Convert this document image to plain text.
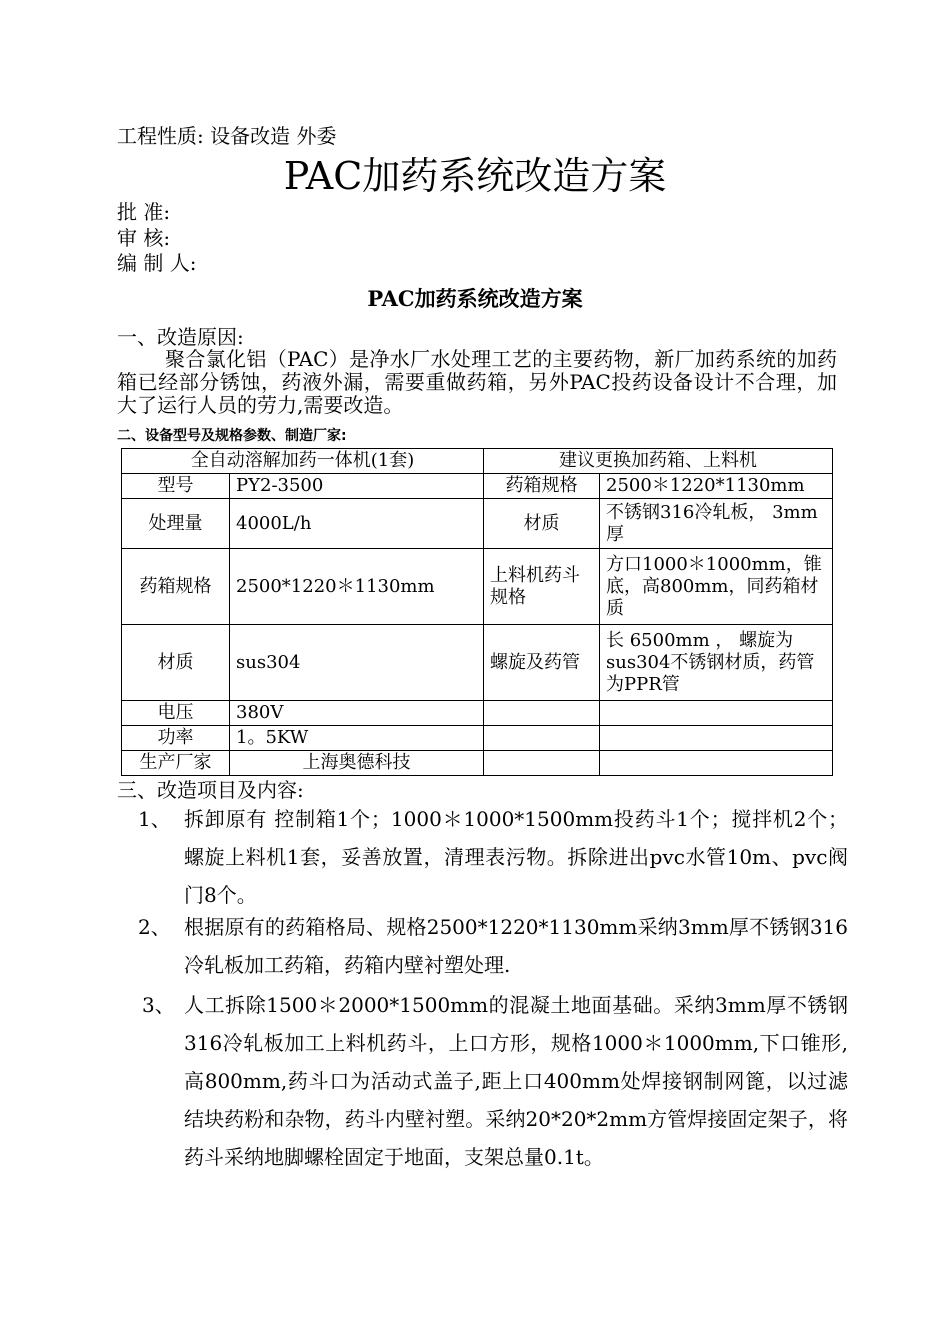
工程性质: 设备改造 外委
PAC加药系统改造方案
批 准:
审 核:
编 制 人:
PAC加药系统改造方案
一、改造原因:
聚合氯化铝（PAC）是净水厂水处理工艺的主要药物，新厂加药系统的加药箱已经部分锈蚀，药液外漏，需要重做药箱，另外PAC投药设备设计不合理，加大了运行人员的劳力,需要改造。
二、设备型号及规格参数、制造厂家:
全自动溶解加药一体机(1套)		建议更换加药箱、上料机	
型号	PY2-3500	药箱规格	2500＊1220*1130mm
处理量	4000L/h	材质	不锈钢316冷轧板， 3mm厚
药箱规格	2500*1220＊1130mm	上料机药斗规格	方口1000＊1000mm，锥底，高800mm，同药箱材质
材质	sus304	螺旋及药管	长 6500mm ， 螺旋为sus304不锈钢材质，药管为PPR管
电压	380V		
功率	1。5KW		
生产厂家	上海奥德科技		
三、改造项目及内容:
1、 拆卸原有 控制箱1个；1000＊1000*1500mm投药斗1个；搅拌机2个；螺旋上料机1套，妥善放置，清理表污物。拆除进出pvc水管10m、pvc阀门8个。
2、 根据原有的药箱格局、规格2500*1220*1130mm采纳3mm厚不锈钢316冷轧板加工药箱，药箱内壁衬塑处理.
3、 人工拆除1500＊2000*1500mm的混凝土地面基础。采纳3mm厚不锈钢316冷轧板加工上料机药斗，上口方形，规格1000＊1000mm,下口锥形,高800mm,药斗口为活动式盖子,距上口400mm处焊接钢制网篦，以过滤结块药粉和杂物，药斗内壁衬塑。采纳20*20*2mm方管焊接固定架子，将药斗采纳地脚螺栓固定于地面，支架总量0.1t。
